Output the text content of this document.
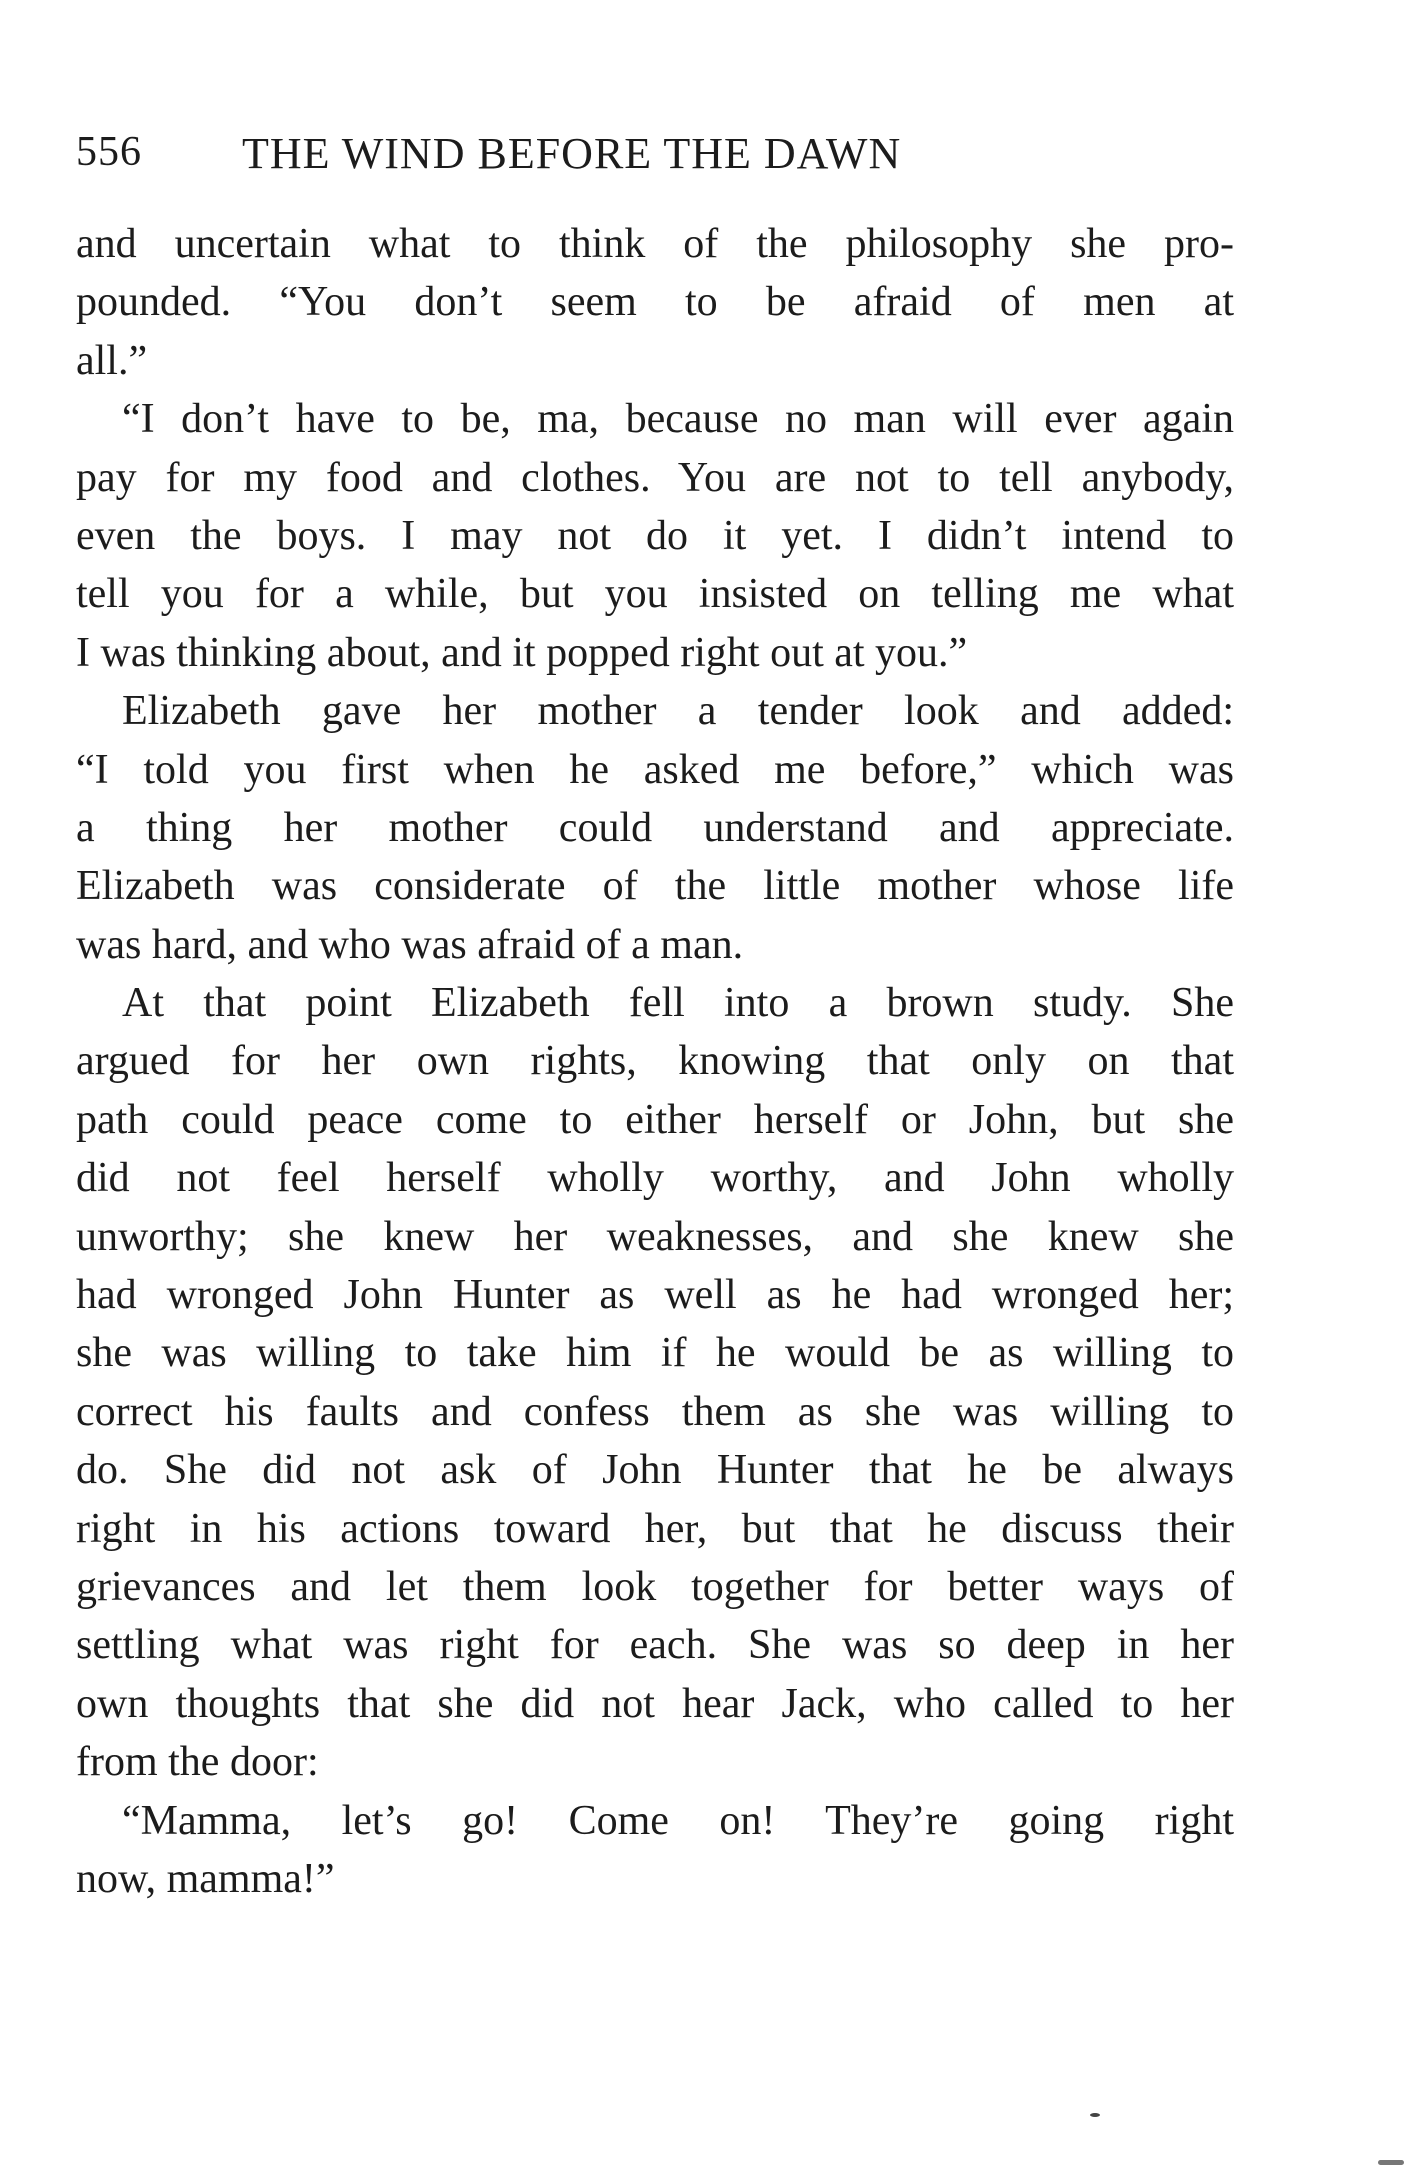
556 THE WIND BEFORE THE DAWN
and uncertain what to think of the philosophy she pro-
pounded. “You don’t seem to be afraid of men at
all.”
“I don’t have to be, ma, because no man will ever again
pay for my food and clothes. You are not to tell anybody,
even the boys. I may not do it yet. I didn’t intend to
tell you for a while, but you insisted on telling me what
I was thinking about, and it popped right out at you.”
Elizabeth gave her mother a tender look and added:
“I told you first when he asked me before,” which was
a thing her mother could understand and appreciate.
Elizabeth was considerate of the little mother whose life
was hard, and who was afraid of a man.
At that point Elizabeth fell into a brown study. She
argued for her own rights, knowing that only on that
path could peace come to either herself or John, but she
did not feel herself wholly worthy, and John wholly
unworthy; she knew her weaknesses, and she knew she
had wronged John Hunter as well as he had wronged her;
she was willing to take him if he would be as willing to
correct his faults and confess them as she was willing to
do. She did not ask of John Hunter that he be always
right in his actions toward her, but that he discuss their
grievances and let them look together for better ways of
settling what was right for each. She was so deep in her
own thoughts that she did not hear Jack, who called to her
from the door:
“Mamma, let’s go! Come on! They’re going right
now, mamma!”
